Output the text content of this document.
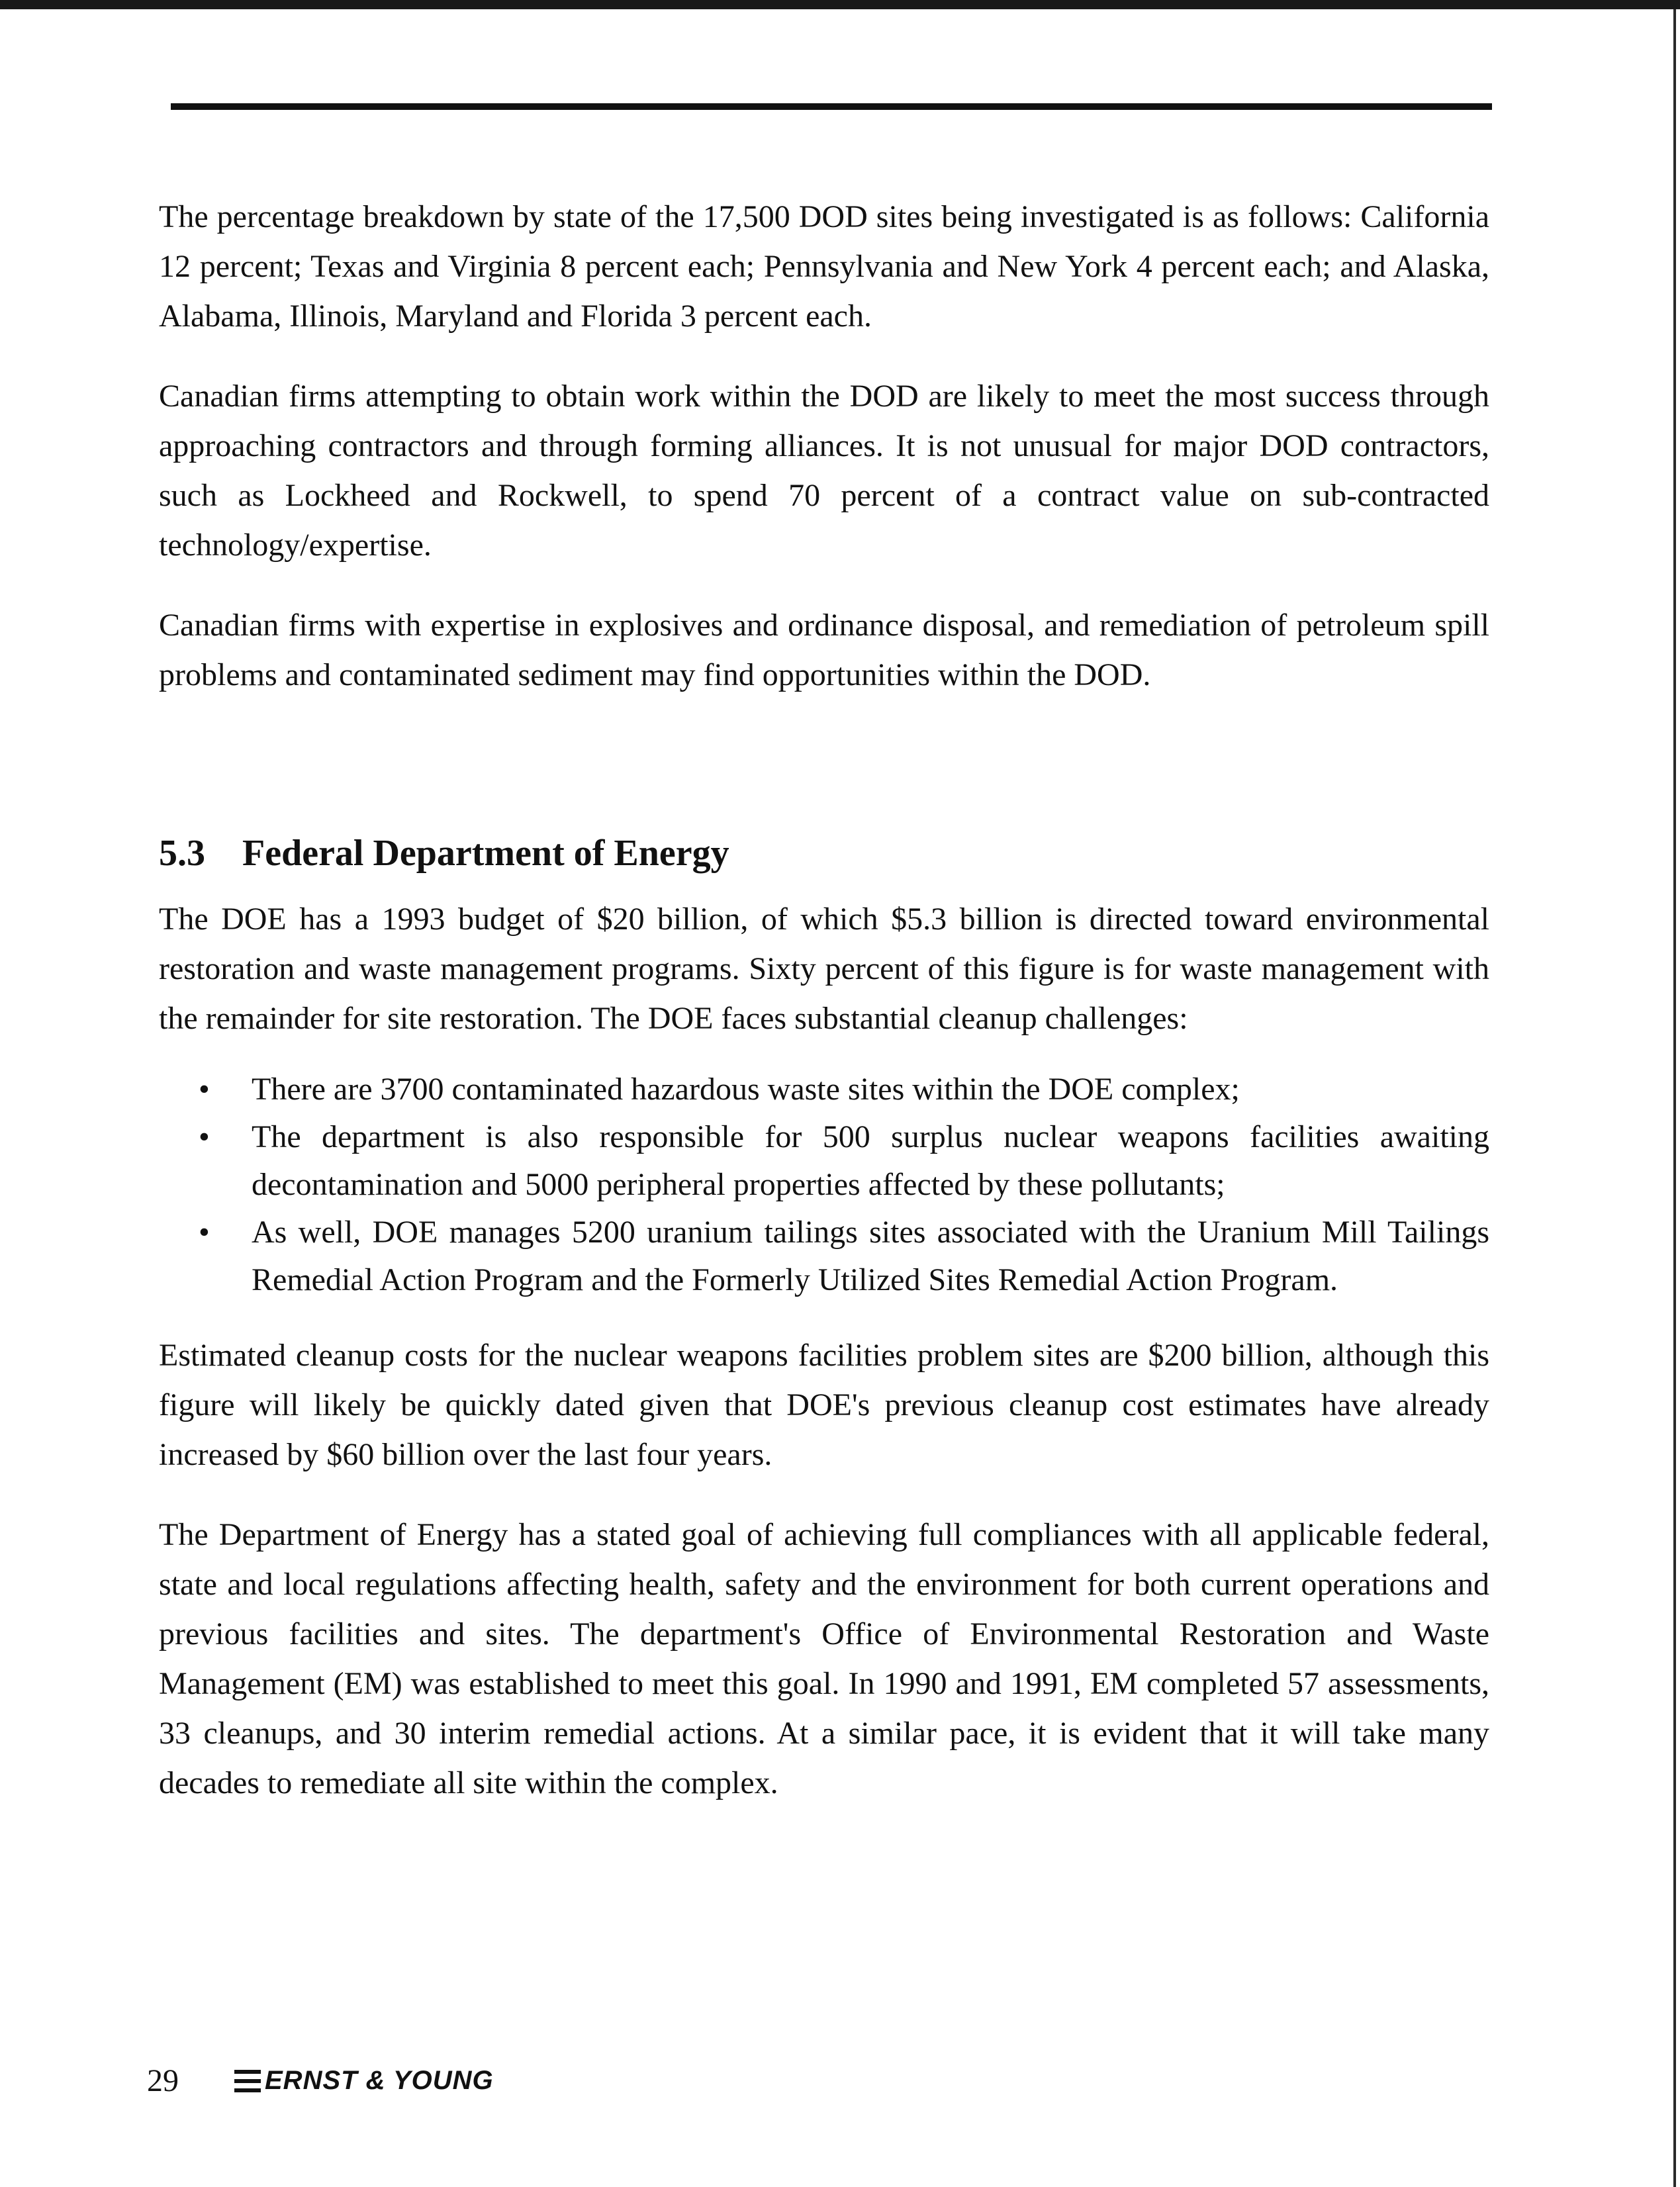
The percentage breakdown by state of the 17,500 DOD sites being investigated is as follows: California 12 percent; Texas and Virginia 8 percent each; Pennsylvania and New York 4 percent each; and Alaska, Alabama, Illinois, Maryland and Florida 3 percent each.

Canadian firms attempting to obtain work within the DOD are likely to meet the most success through approaching contractors and through forming alliances. It is not unusual for major DOD contractors, such as Lockheed and Rockwell, to spend 70 percent of a contract value on sub-contracted technology/expertise.

Canadian firms with expertise in explosives and ordinance disposal, and remediation of petroleum spill problems and contaminated sediment may find opportunities within the DOD.

5.3 Federal Department of Energy

The DOE has a 1993 budget of $20 billion, of which $5.3 billion is directed toward environmental restoration and waste management programs. Sixty percent of this figure is for waste management with the remainder for site restoration. The DOE faces substantial cleanup challenges:

• There are 3700 contaminated hazardous waste sites within the DOE complex;
• The department is also responsible for 500 surplus nuclear weapons facilities awaiting decontamination and 5000 peripheral properties affected by these pollutants;
• As well, DOE manages 5200 uranium tailings sites associated with the Uranium Mill Tailings Remedial Action Program and the Formerly Utilized Sites Remedial Action Program.

Estimated cleanup costs for the nuclear weapons facilities problem sites are $200 billion, although this figure will likely be quickly dated given that DOE's previous cleanup cost estimates have already increased by $60 billion over the last four years.

The Department of Energy has a stated goal of achieving full compliances with all applicable federal, state and local regulations affecting health, safety and the environment for both current operations and previous facilities and sites. The department's Office of Environmental Restoration and Waste Management (EM) was established to meet this goal. In 1990 and 1991, EM completed 57 assessments, 33 cleanups, and 30 interim remedial actions. At a similar pace, it is evident that it will take many decades to remediate all site within the complex.

29	ERNST & YOUNG
